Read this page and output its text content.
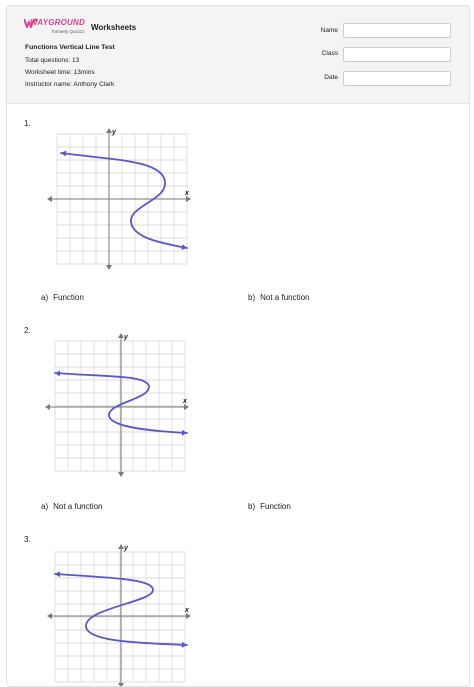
WAYGROUND
formerly Quizizz Worksheets
Functions Vertical Line Test
Total questions: 13
Worksheet time: 13mins
Instructor name: Anthony Clark
Name
Class
Date
1.
x
y
a) Function	b) Not a function
2.
x
y
a) Not a function	b) Function
3.
x
y
